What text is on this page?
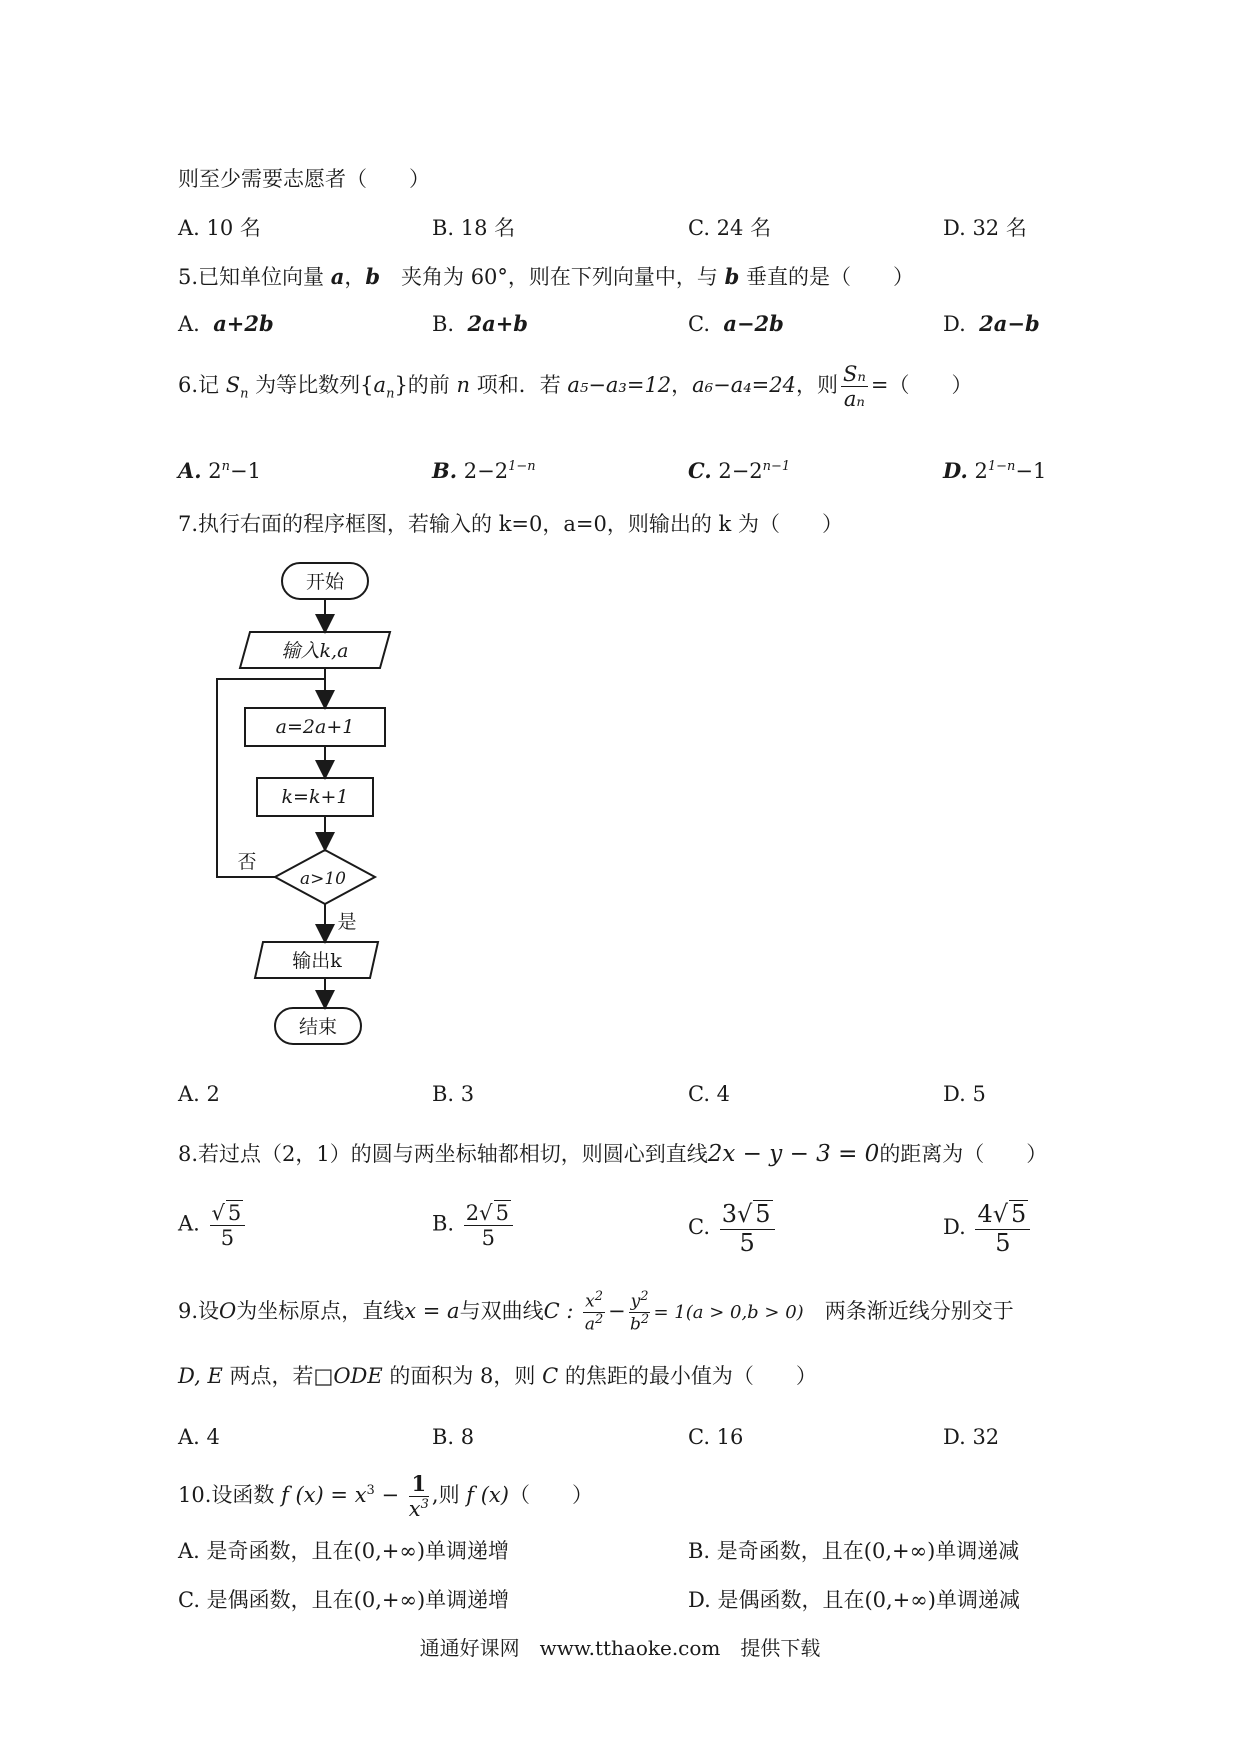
则至少需要志愿者（　　）
A. 10 名	B. 18 名	C. 24 名	D. 32 名
5.已知单位向量 a，b　夹角为 60°，则在下列向量中，与 b 垂直的是（　　）
A. a+2b	B. 2a+b	C. a−2b	D. 2a−b
6.记 $S_n$ 为等比数列$\{a_n\}$的前 n 项和．若 a₅−a₃=12，a₆−a₄=24，则 $\frac{\text{Sₙ}}{\text{aₙ}}$ =（　　）
A. $2^n-1$	B. $2-2^{1-n}$	C. $2-2^{n-1}$	D. $2^{1-n}-1$
7.执行右面的程序框图，若输入的 k=0，a=0，则输出的 k 为（　　）
开始
输入k,a
a=2a+1
k=k+1
a>10
否
是
输出k
结束
A. 2	B. 3	C. 4	D. 5
8.若过点（2，1）的圆与两坐标轴都相切，则圆心到直线2x − y − 3 = 0的距离为（　　）
A. $\frac{√ 5}{5}$	B. $\frac{2√ 5}{5}$	C. $\frac{3√ 5}{5}$	D. $\frac{4√ 5}{5}$
9.设O为坐标原点，直线x = a与双曲线C : $\frac{x^2}{a^2} - \frac{y^2}{b^2} = 1(a > 0,b > 0)$　两条渐近线分别交于
D, E 两点，若□ODE 的面积为 8，则 C 的焦距的最小值为（　　）
A. 4	B. 8	C. 16	D. 32
10.设函数 f $(x) = x^3 - \frac{1}{x^3}$ ,则 f (x)（　　）
A. 是奇函数，且在(0,+∞)单调递增	B. 是奇函数，且在(0,+∞)单调递减
C. 是偶函数，且在(0,+∞)单调递增	D. 是偶函数，且在(0,+∞)单调递减
通通好课网　www.tthaoke.com　提供下载
